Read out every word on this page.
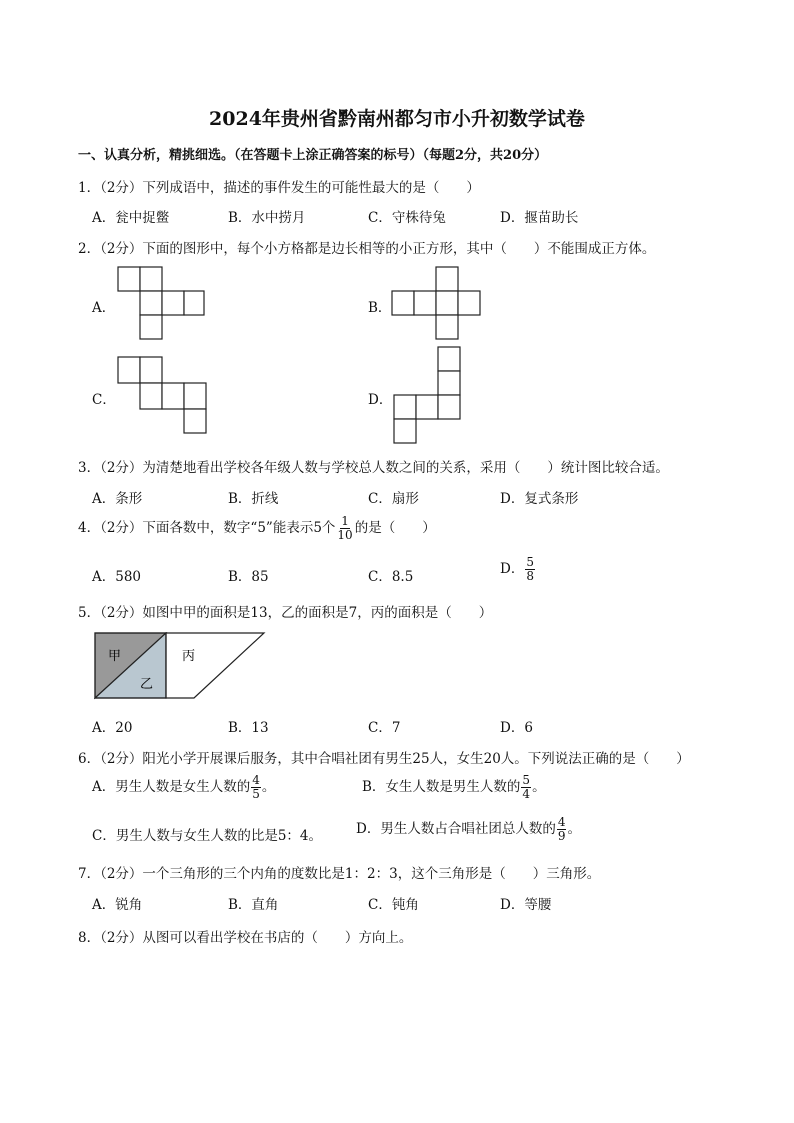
2024年贵州省黔南州都匀市小升初数学试卷
一、认真分析，精挑细选。（在答题卡上涂正确答案的标号）（每题2分，共20分）
1．（2分）下列成语中，描述的事件发生的可能性最大的是（　　）
A．瓮中捉鳖	B．水中捞月	C．守株待兔	D．揠苗助长
2．（2分）下面的图形中，每个小方格都是边长相等的小正方形，其中（　　）不能围成正方体。
A．	B．
C．	D．
3．（2分）为清楚地看出学校各年级人数与学校总人数之间的关系，采用（　　）统计图比较合适。
A．条形	B．折线	C．扇形	D．复式条形
4．（2分）下面各数中，数字“5”能表示5个 $\frac{1}{10}$ 的是（　　）
A．580	B．85	C．8.5	D． $\frac{5}{8}$
5．（2分）如图中甲的面积是13，乙的面积是7，丙的面积是（　　）
甲	丙
乙
A．20	B．13	C．7	D．6
6．（2分）阳光小学开展课后服务，其中合唱社团有男生25人，女生20人。下列说法正确的是（　　）
A．男生人数是女生人数的 $\frac{4}{5}$ 。	B．女生人数是男生人数的 $\frac{5}{4}$ 。
C．男生人数与女生人数的比是5：4。	D．男生人数占合唱社团总人数的 $\frac{4}{9}$ 。
7．（2分）一个三角形的三个内角的度数比是1：2：3，这个三角形是（　　）三角形。
A．锐角	B．直角	C．钝角	D．等腰
8．（2分）从图可以看出学校在书店的（　　）方向上。
